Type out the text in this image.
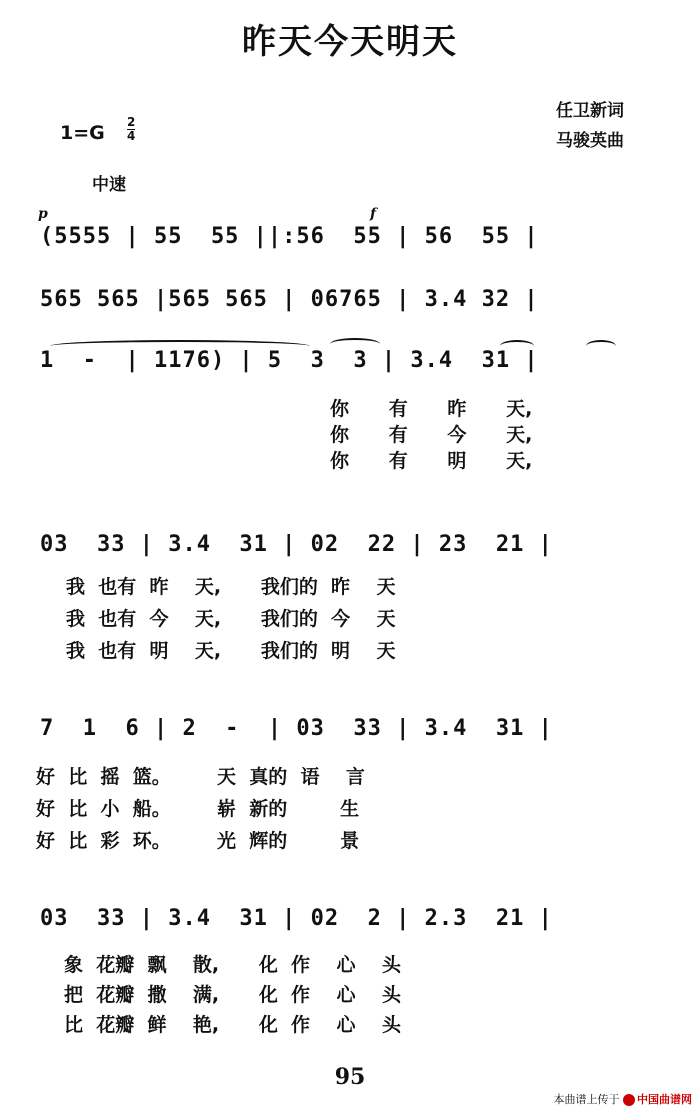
昨天今天明天
任卫新词
马骏英曲
1=G 2
4
中速
p	f
(5555 | 55  55 ||:56  55 | 56  55 |
565 565 |565 565 | 06765 | 3.4 32 |
1  -  | 1176) | 5  3  3 | 3.4  31 |
你      有      昨      天,
你      有      今      天,
你      有      明      天,
03  33 | 3.4  31 | 02  22 | 23  21 |
我  也有  昨    天,      我们的  昨    天
我  也有  今    天,      我们的  今    天
我  也有  明    天,      我们的  明    天
7  1  6 | 2  -  | 03  33 | 3.4  31 |
好  比  摇  篮。       天  真的  语    言
好  比  小  船。       崭  新的        生
好  比  彩  环。       光  辉的        景
03  33 | 3.4  31 | 02  2 | 2.3  21 |
象  花瓣  飘    散,      化  作    心    头
把  花瓣  撒    满,      化  作    心    头
比  花瓣  鲜    艳,      化  作    心    头
95
本曲谱上传于 中国曲谱网
